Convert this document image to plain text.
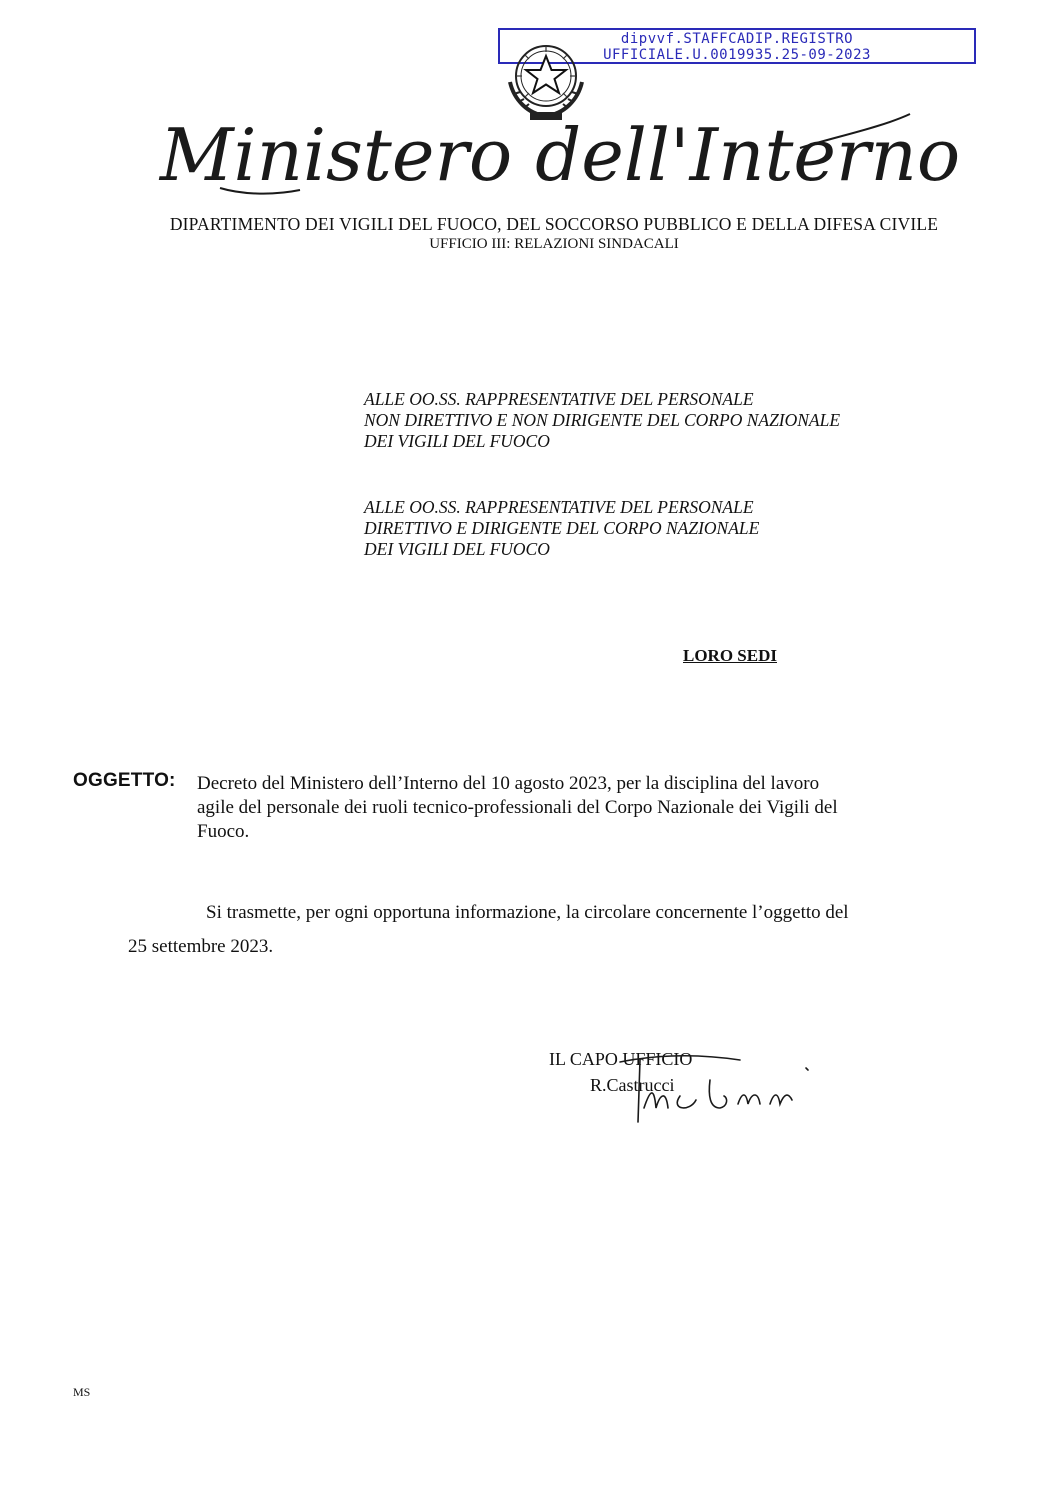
dipvvf.STAFFCADIP.REGISTRO
UFFICIALE.U.0019935.25-09-2023
Ministero dell'Interno
DIPARTIMENTO DEI VIGILI DEL FUOCO, DEL SOCCORSO PUBBLICO E DELLA DIFESA CIVILE
UFFICIO III: RELAZIONI SINDACALI
ALLE OO.SS. RAPPRESENTATIVE DEL PERSONALE
NON DIRETTIVO E NON DIRIGENTE DEL CORPO NAZIONALE
DEI VIGILI DEL FUOCO
ALLE OO.SS. RAPPRESENTATIVE DEL PERSONALE
DIRETTIVO E DIRIGENTE DEL CORPO NAZIONALE
DEI VIGILI DEL FUOCO
LORO SEDI
OGGETTO: Decreto del Ministero dell’Interno del 10 agosto 2023, per la disciplina del lavoro
agile del personale dei ruoli tecnico-professionali del Corpo Nazionale dei Vigili del
Fuoco.
Si trasmette, per ogni opportuna informazione, la circolare concernente l’oggetto del
25 settembre 2023.
IL CAPO UFFICIO
R.Castrucci
MS
